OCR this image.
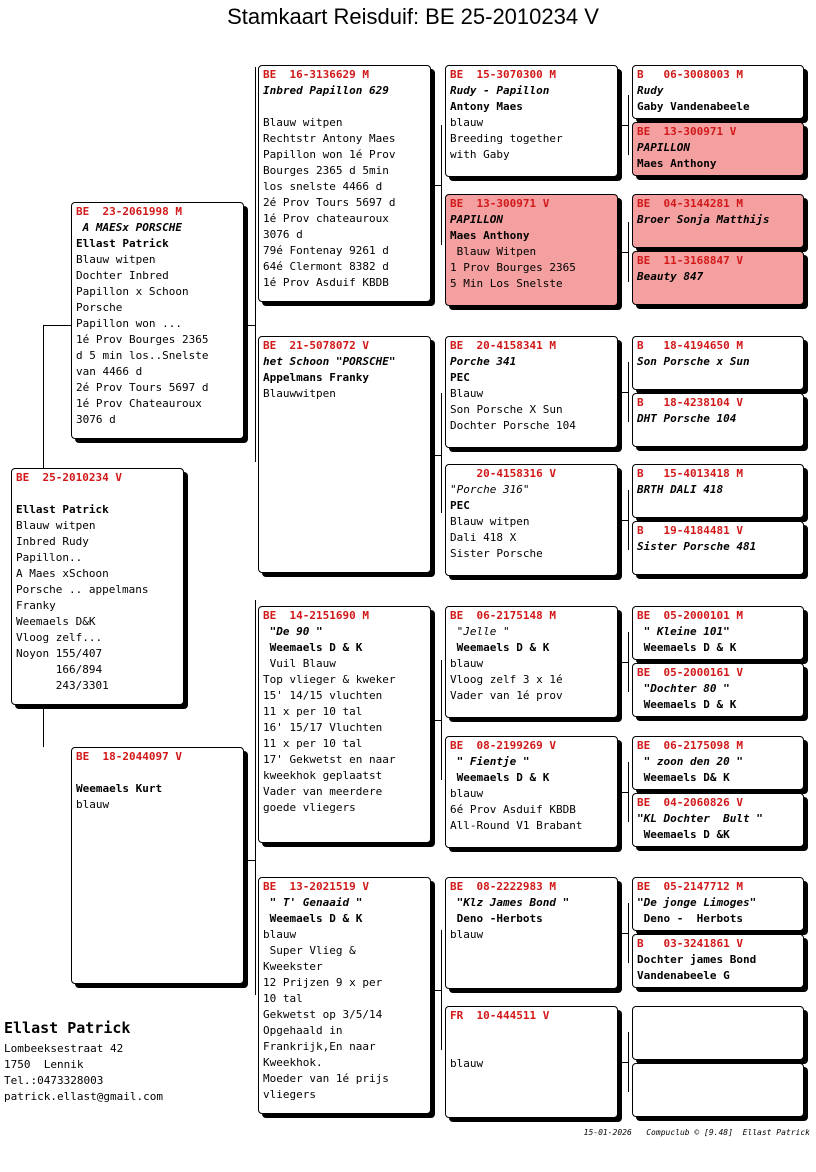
Stamkaart Reisduif: BE 25-2010234 V
BE  25-2010234 V
Ellast Patrick
Blauw witpen
Inbred Rudy
Papillon..
A Maes xSchoon
Porsche .. appelmans
Franky
Weemaels D&K
Vloog zelf...
Noyon 155/407
166/894
243/3301
BE  23-2061998 M
A MAESx PORSCHE
Ellast Patrick
Blauw witpen
Dochter Inbred
Papillon x Schoon
Porsche
Papillon won ...
1é Prov Bourges 2365
d 5 min los..Snelste
van 4466 d
2é Prov Tours 5697 d
1é Prov Chateauroux
3076 d
BE  18-2044097 V
Weemaels Kurt
blauw
BE  16-3136629 M
Inbred Papillon 629
Blauw witpen
Rechtstr Antony Maes
Papillon won 1é Prov
Bourges 2365 d 5min
los snelste 4466 d
2é Prov Tours 5697 d
1é Prov chateauroux
3076 d
79é Fontenay 9261 d
64é Clermont 8382 d
1é Prov Asduif KBDB
BE  21-5078072 V
het Schoon "PORSCHE"
Appelmans Franky
Blauwwitpen
BE  14-2151690 M
"De 90 "
Weemaels D & K
Vuil Blauw
Top vlieger & kweker
15' 14/15 vluchten
11 x per 10 tal
16' 15/17 Vluchten
11 x per 10 tal
17' Gekwetst en naar
kweekhok geplaatst
Vader van meerdere
goede vliegers
BE  13-2021519 V
" T' Genaaid "
Weemaels D & K
blauw
Super Vlieg &
Kweekster
12 Prijzen 9 x per
10 tal
Gekwetst op 3/5/14
Opgehaald in
Frankrijk,En naar
Kweekhok.
Moeder van 1é prijs
vliegers
BE  15-3070300 M
Rudy - Papillon
Antony Maes
blauw
Breeding together
with Gaby
BE  13-300971 V
PAPILLON
Maes Anthony
Blauw Witpen
1 Prov Bourges 2365
5 Min Los Snelste
BE  20-4158341 M
Porche 341
PEC
Blauw
Son Porsche X Sun
Dochter Porsche 104
20-4158316 V
"Porche 316"
PEC
Blauw witpen
Dali 418 X
Sister Porsche
BE  06-2175148 M
"Jelle "
Weemaels D & K
blauw
Vloog zelf 3 x 1é
Vader van 1é prov
BE  08-2199269 V
" Fientje "
Weemaels D & K
blauw
6é Prov Asduif KBDB
All-Round V1 Brabant
BE  08-2222983 M
"Klz James Bond "
Deno -Herbots
blauw
FR  10-444511 V
blauw
B   06-3008003 M
Rudy
Gaby Vandenabeele
BE  13-300971 V
PAPILLON
Maes Anthony
BE  04-3144281 M
Broer Sonja Matthijs
BE  11-3168847 V
Beauty 847
B   18-4194650 M
Son Porsche x Sun
B   18-4238104 V
DHT Porsche 104
B   15-4013418 M
BRTH DALI 418
B   19-4184481 V
Sister Porsche 481
BE  05-2000101 M
" Kleine 101"
Weemaels D & K
BE  05-2000161 V
"Dochter 80 "
Weemaels D & K
BE  06-2175098 M
" zoon den 20 "
Weemaels D& K
BE  04-2060826 V
"KL Dochter  Bult "
Weemaels D &K
BE  05-2147712 M
"De jonge Limoges"
Deno -  Herbots
B   03-3241861 V
Dochter james Bond
Vandenabeele G
Ellast Patrick
Lombeeksestraat 42
1750  Lennik
Tel.:0473328003
patrick.ellast@gmail.com
15-01-2026   Compuclub © [9.48]  Ellast Patrick
